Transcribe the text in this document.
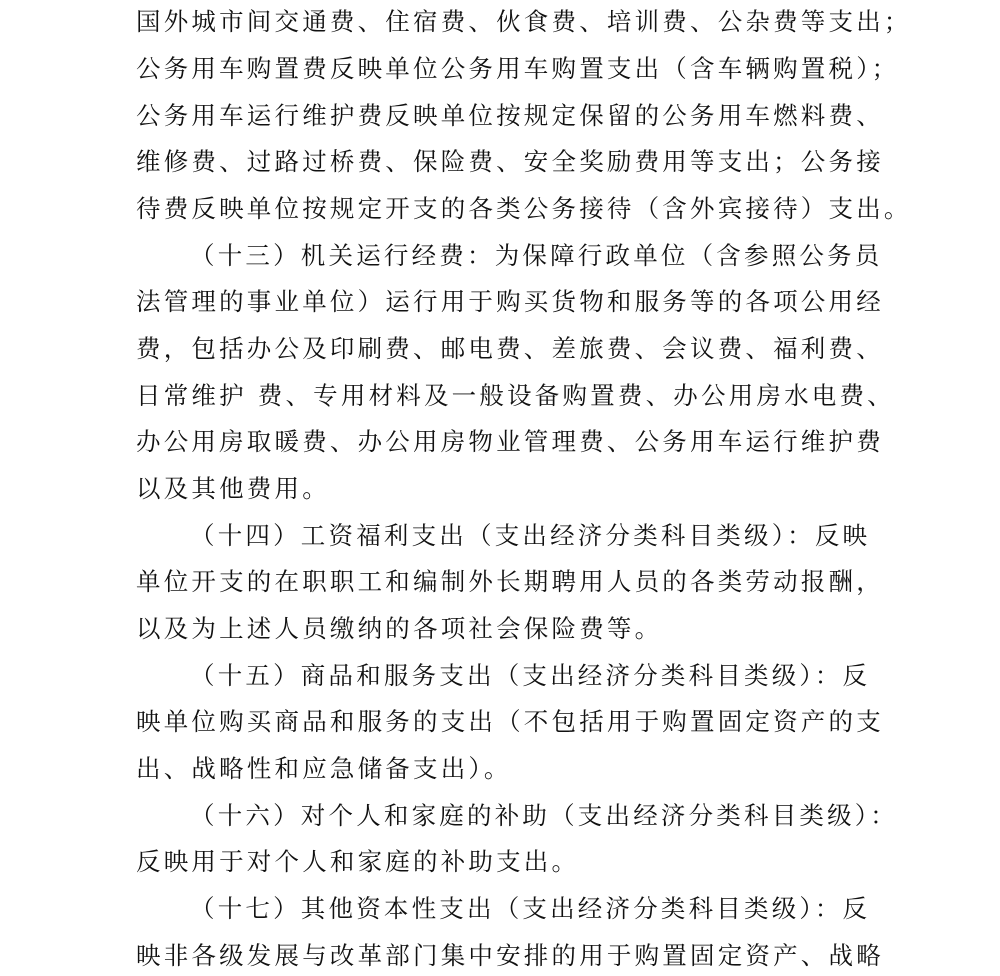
国外城市间交通费、住宿费、伙食费、培训费、公杂费等支出；
公务用车购置费反映单位公务用车购置支出（含车辆购置税）；
公务用车运行维护费反映单位按规定保留的公务用车燃料费、
维修费、过路过桥费、保险费、安全奖励费用等支出；公务接
待费反映单位按规定开支的各类公务接待（含外宾接待）支出。
（十三）机关运行经费：为保障行政单位（含参照公务员
法管理的事业单位）运行用于购买货物和服务等的各项公用经
费，包括办公及印刷费、邮电费、差旅费、会议费、福利费、
日常维护 费、专用材料及一般设备购置费、办公用房水电费、
办公用房取暖费、办公用房物业管理费、公务用车运行维护费
以及其他费用。
（十四）工资福利支出（支出经济分类科目类级）：反映
单位开支的在职职工和编制外长期聘用人员的各类劳动报酬，
以及为上述人员缴纳的各项社会保险费等。
（十五）商品和服务支出（支出经济分类科目类级）：反
映单位购买商品和服务的支出（不包括用于购置固定资产的支
出、战略性和应急储备支出）。
（十六）对个人和家庭的补助（支出经济分类科目类级）：
反映用于对个人和家庭的补助支出。
（十七）其他资本性支出（支出经济分类科目类级）：反
映非各级发展与改革部门集中安排的用于购置固定资产、战略
